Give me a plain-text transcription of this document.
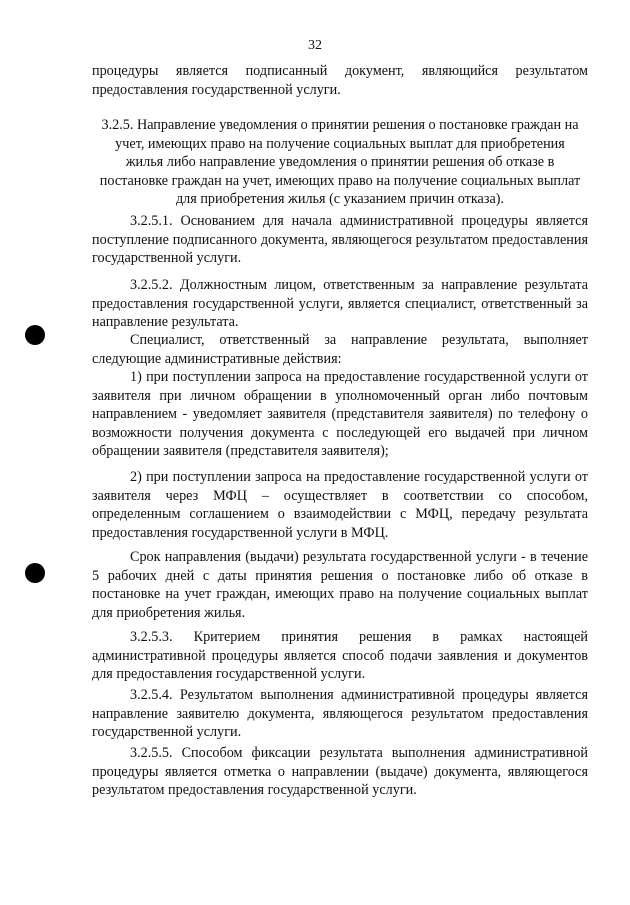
32

процедуры является подписанный документ, являющийся результатом предоставления государственной услуги.

3.2.5. Направление уведомления о принятии решения о постановке граждан на учет, имеющих право на получение социальных выплат для приобретения жилья либо направление уведомления о принятии решения об отказе в постановке граждан на учет, имеющих право на получение социальных выплат для приобретения жилья (с указанием причин отказа).

3.2.5.1. Основанием для начала административной процедуры является поступление подписанного документа, являющегося результатом предоставления государственной услуги.

3.2.5.2. Должностным лицом, ответственным за направление результата предоставления государственной услуги, является специалист, ответственный за направление результата.

Специалист, ответственный за направление результата, выполняет следующие административные действия:

1) при поступлении запроса на предоставление государственной услуги от заявителя при личном обращении в уполномоченный орган либо почтовым направлением - уведомляет заявителя (представителя заявителя) по телефону о возможности получения документа с последующей его выдачей при личном обращении заявителя (представителя заявителя);

2) при поступлении запроса на предоставление государственной услуги от заявителя через МФЦ – осуществляет в соответствии со способом, определенным соглашением о взаимодействии с МФЦ, передачу результата предоставления государственной услуги в МФЦ.

Срок направления (выдачи) результата государственной услуги - в течение 5 рабочих дней с даты принятия решения о постановке либо об отказе в постановке на учет граждан, имеющих право на получение социальных выплат для приобретения жилья.

3.2.5.3. Критерием принятия решения в рамках настоящей административной процедуры является способ подачи заявления и документов для предоставления государственной услуги.

3.2.5.4. Результатом выполнения административной процедуры является направление заявителю документа, являющегося результатом предоставления государственной услуги.

3.2.5.5. Способом фиксации результата выполнения административной процедуры является отметка о направлении (выдаче) документа, являющегося результатом предоставления государственной услуги.
